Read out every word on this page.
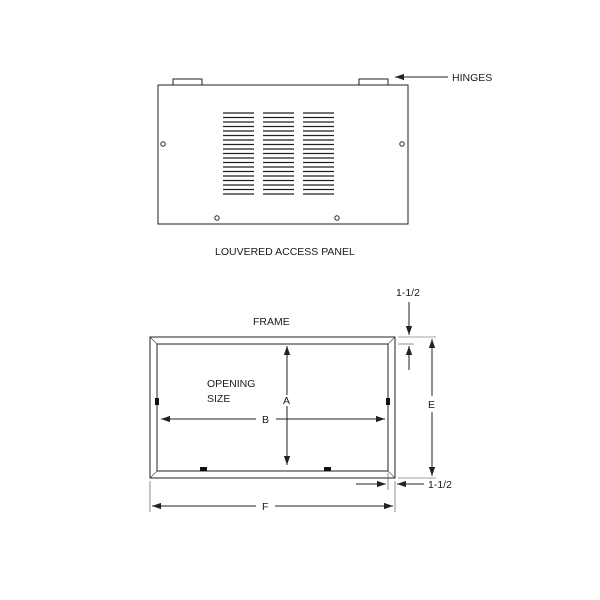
HINGES
LOUVERED ACCESS PANEL
FRAME
OPENING
SIZE	A
B
E
1-1/2
1-1/2
F
